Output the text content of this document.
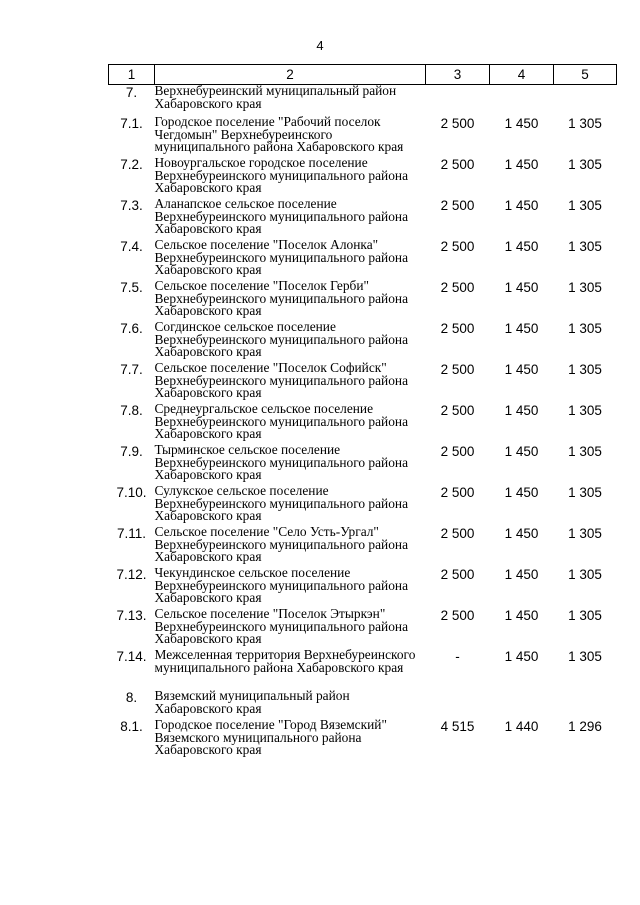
4
1	2	3	4	5
7.	Верхнебуреинский муниципальный район Хабаровского края			
7.1.	Городское поселение "Рабочий поселок Чегдомын" Верхнебуреинского муниципального района Хабаровского края	2 500	1 450	1 305
7.2.	Новоургальское городское поселение Верхнебуреинского муниципального района Хабаровского края	2 500	1 450	1 305
7.3.	Аланапское сельское поселение Верхнебуреинского муниципального района Хабаровского края	2 500	1 450	1 305
7.4.	Сельское поселение "Поселок Алонка" Верхнебуреинского муниципального района Хабаровского края	2 500	1 450	1 305
7.5.	Сельское поселение "Поселок Герби" Верхнебуреинского муниципального района Хабаровского края	2 500	1 450	1 305
7.6.	Согдинское сельское поселение Верхнебуреинского муниципального района Хабаровского края	2 500	1 450	1 305
7.7.	Сельское поселение "Поселок Софийск" Верхнебуреинского муниципального района Хабаровского края	2 500	1 450	1 305
7.8.	Среднеургальское сельское поселение Верхнебуреинского муниципального района Хабаровского края	2 500	1 450	1 305
7.9.	Тырминское сельское поселение Верхнебуреинского муниципального района Хабаровского края	2 500	1 450	1 305
7.10.	Сулукское сельское поселение Верхнебуреинского муниципального района Хабаровского края	2 500	1 450	1 305
7.11.	Сельское поселение "Село Усть-Ургал" Верхнебуреинского муниципального района Хабаровского края	2 500	1 450	1 305
7.12.	Чекундинское сельское поселение Верхнебуреинского муниципального района Хабаровского края	2 500	1 450	1 305
7.13.	Сельское поселение "Поселок Этыркэн" Верхнебуреинского муниципального района Хабаровского края	2 500	1 450	1 305
7.14.	Межселенная территория Верхнебуреинского муниципального района Хабаровского края	-	1 450	1 305
8.	Вяземский муниципальный район Хабаровского края			
8.1.	Городское поселение "Город Вяземский" Вяземского муниципального района Хабаровского края	4 515	1 440	1 296
